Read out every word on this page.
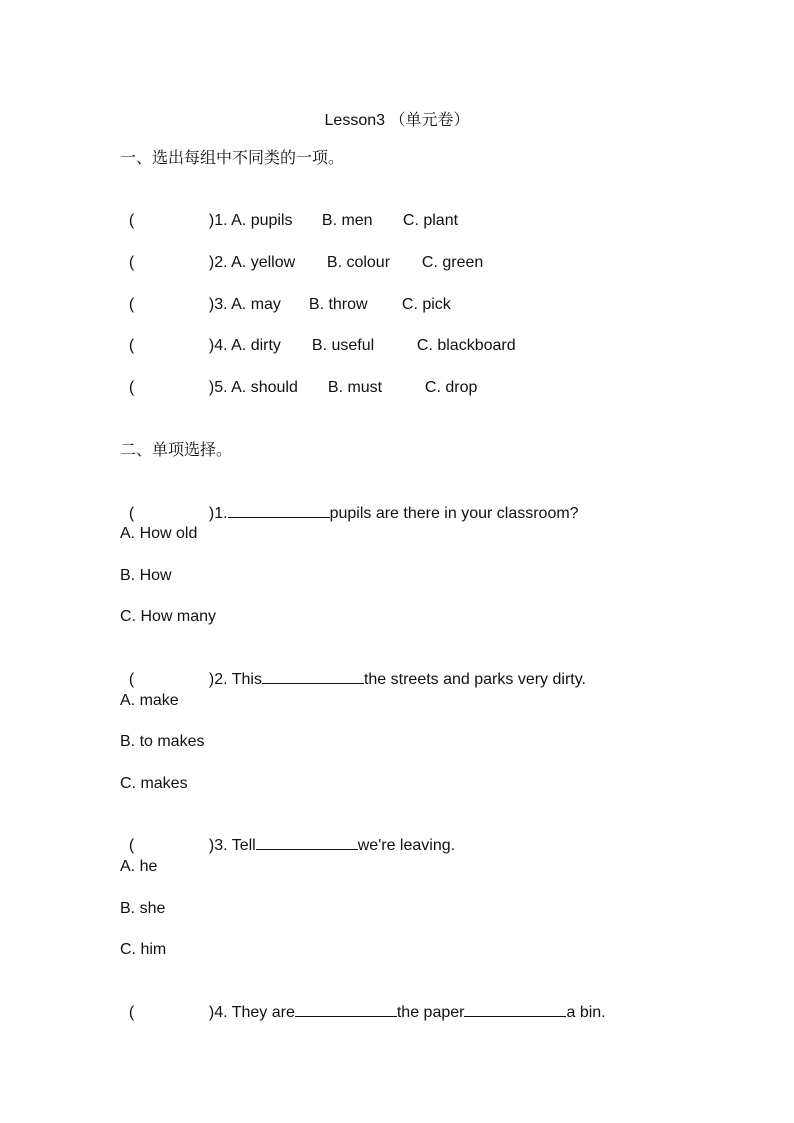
Lesson3 （单元卷）
一、选出每组中不同类的一项。

(	)1. A. pupils B. men C. plant

(	)2. A. yellow B. colour C. green

(	)3. A. may B. throw C. pick

(	)4. A. dirty B. useful	C. blackboard

(	)5. A. should B. must	C. drop

二、单项选择。

(	)1.	pupils are there in your classroom?

A. How old
B. How
C. How many

(	)2. This	the streets and parks very dirty.

A. make
B. to makes
C. makes

(	)3. Tell	we're leaving.

A. he
B. she
C. him

(	)4. They are	the paper	a bin.
